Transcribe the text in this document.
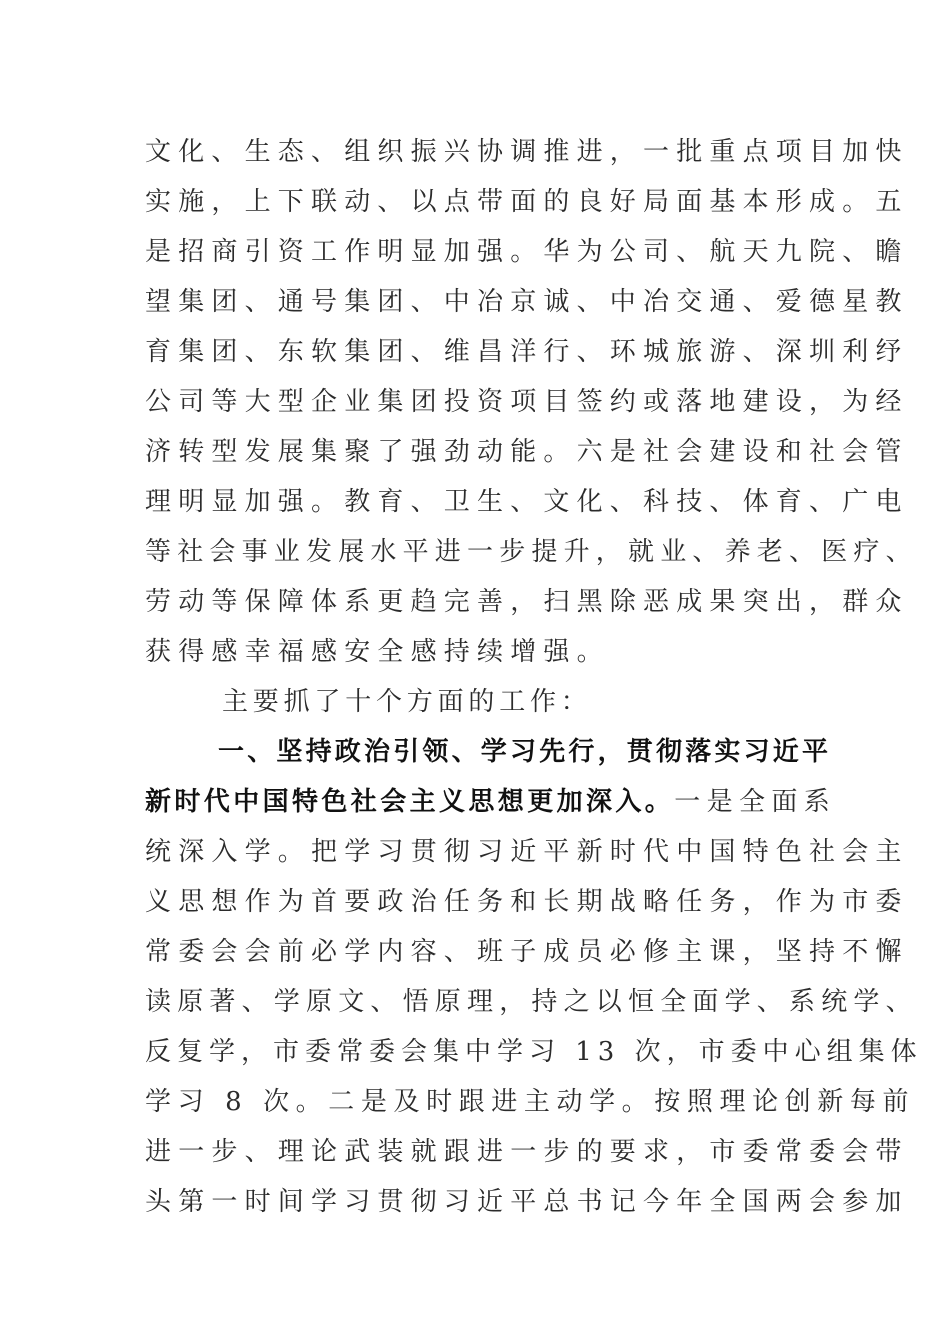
文化、生态、组织振兴协调推进，一批重点项目加快
实施，上下联动、以点带面的良好局面基本形成。五
是招商引资工作明显加强。华为公司、航天九院、瞻
望集团、通号集团、中冶京诚、中冶交通、爱德星教
育集团、东软集团、维昌洋行、环城旅游、深圳利纾
公司等大型企业集团投资项目签约或落地建设，为经
济转型发展集聚了强劲动能。六是社会建设和社会管
理明显加强。教育、卫生、文化、科技、体育、广电
等社会事业发展水平进一步提升，就业、养老、医疗、
劳动等保障体系更趋完善，扫黑除恶成果突出，群众
获得感幸福感安全感持续增强。
主要抓了十个方面的工作：
一、坚持政治引领、学习先行，贯彻落实习近平
新时代中国特色社会主义思想更加深入。一是全面系
统深入学。把学习贯彻习近平新时代中国特色社会主
义思想作为首要政治任务和长期战略任务，作为市委
常委会会前必学内容、班子成员必修主课，坚持不懈
读原著、学原文、悟原理，持之以恒全面学、系统学、
反复学，市委常委会集中学习 13 次，市委中心组集体
学习 8 次。二是及时跟进主动学。按照理论创新每前
进一步、理论武装就跟进一步的要求，市委常委会带
头第一时间学习贯彻习近平总书记今年全国两会参加
